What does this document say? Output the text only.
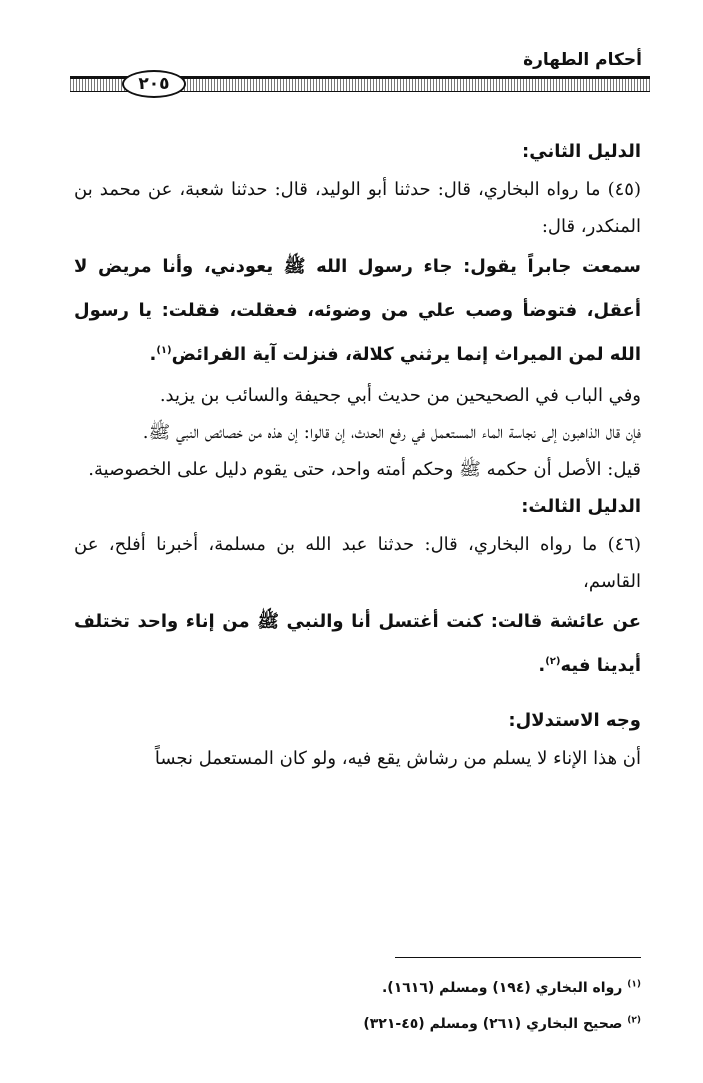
أحكام الطهارة
٢٠٥
الدليل الثاني:

(٤٥) ما رواه البخاري، قال: حدثنا أبو الوليد، قال: حدثنا شعبة، عن محمد بن المنكدر، قال:

سمعت جابراً يقول: جاء رسول الله ﷺ يعودني، وأنا مريض لا أعقل، فتوضأ وصب علي من وضوئه، فعقلت، فقلت: يا رسول الله لمن الميراث إنما يرثني كلالة، فنزلت آية الفرائض$^{(١)}$.

وفي الباب في الصحيحين من حديث أبي جحيفة والسائب بن يزيد.

فإن قال الذاهبون إلى نجاسة الماء المستعمل في رفع الحدث، إن قالوا: إن هذه من خصائص النبي ﷺ.

قيل: الأصل أن حكمه ﷺ وحكم أمته واحد، حتى يقوم دليل على الخصوصية.

الدليل الثالث:

(٤٦) ما رواه البخاري، قال: حدثنا عبد الله بن مسلمة، أخبرنا أفلح، عن القاسم،

عن عائشة قالت: كنت أغتسل أنا والنبي ﷺ من إناء واحد تختلف أيدينا فيه$^{(٢)}$.

وجه الاستدلال:

أن هذا الإناء لا يسلم من رشاش يقع فيه، ولو كان المستعمل نجساً

$^{(١)}$ رواه البخاري (١٩٤) ومسلم (١٦١٦).
$^{(٢)}$ صحيح البخاري (٢٦١) ومسلم (٤٥-٣٢١)
